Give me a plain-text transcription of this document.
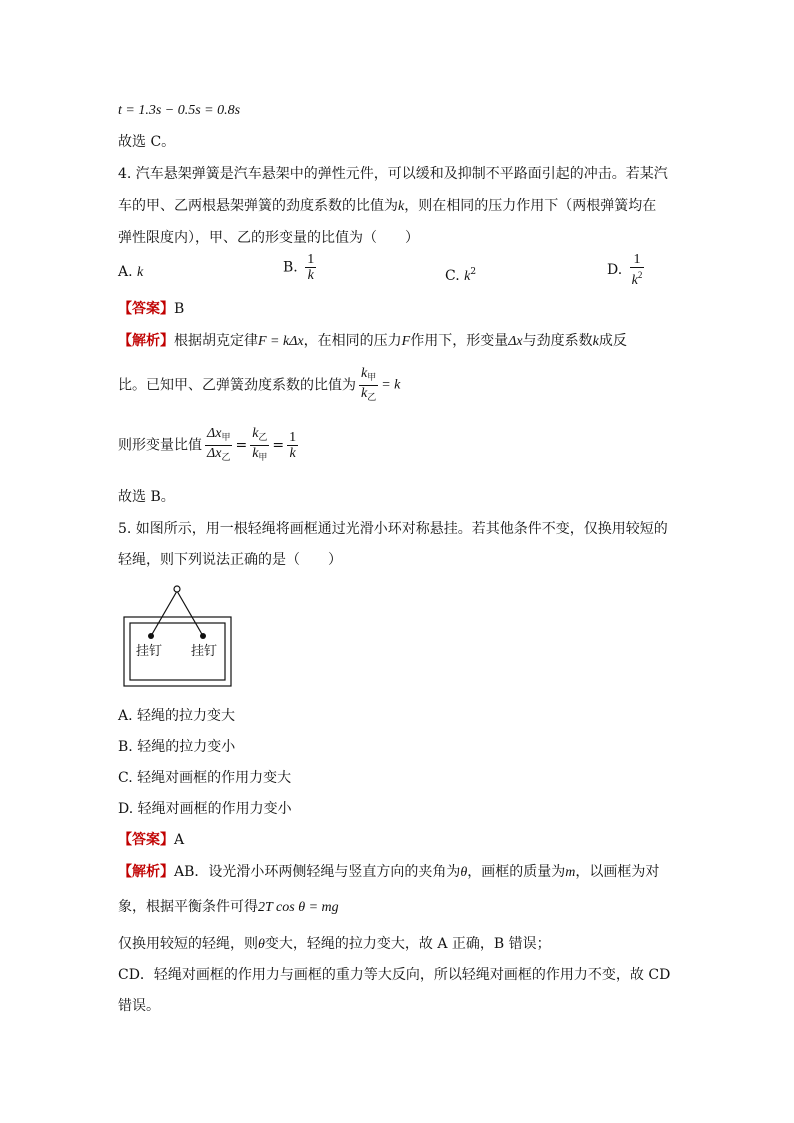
t = 1.3s − 0.5s = 0.8s
故选 C。
4. 汽车悬架弹簧是汽车悬架中的弹性元件，可以缓和及抑制不平路面引起的冲击。若某汽
车的甲、乙两根悬架弹簧的劲度系数的比值为k，则在相同的压力作用下（两根弹簧均在
弹性限度内），甲、乙的形变量的比值为（　　）
A. k	B. $\frac{1}{k}$	C. $k^2$	D. $\frac{1}{k^2}$
【答案】B
【解析】根据胡克定律F = kΔx，在相同的压力F作用下，形变量Δx与劲度系数k成反
比。已知甲、乙弹簧劲度系数的比值为 $\frac{k_甲}{k_乙} = k$
则形变量比值 $\frac{\Delta x_甲}{\Delta x_乙} = \frac{k_乙}{k_甲} = \frac{1}{k}$
故选 B。
5. 如图所示，用一根轻绳将画框通过光滑小环对称悬挂。若其他条件不变，仅换用较短的
轻绳，则下列说法正确的是（　　）
挂钉 挂钉
A. 轻绳的拉力变大
B. 轻绳的拉力变小
C. 轻绳对画框的作用力变大
D. 轻绳对画框的作用力变小
【答案】A
【解析】AB．设光滑小环两侧轻绳与竖直方向的夹角为θ，画框的质量为m，以画框为对
象，根据平衡条件可得2T cos θ = mg
仅换用较短的轻绳，则θ变大，轻绳的拉力变大，故 A 正确，B 错误；
CD．轻绳对画框的作用力与画框的重力等大反向，所以轻绳对画框的作用力不变，故 CD
错误。
